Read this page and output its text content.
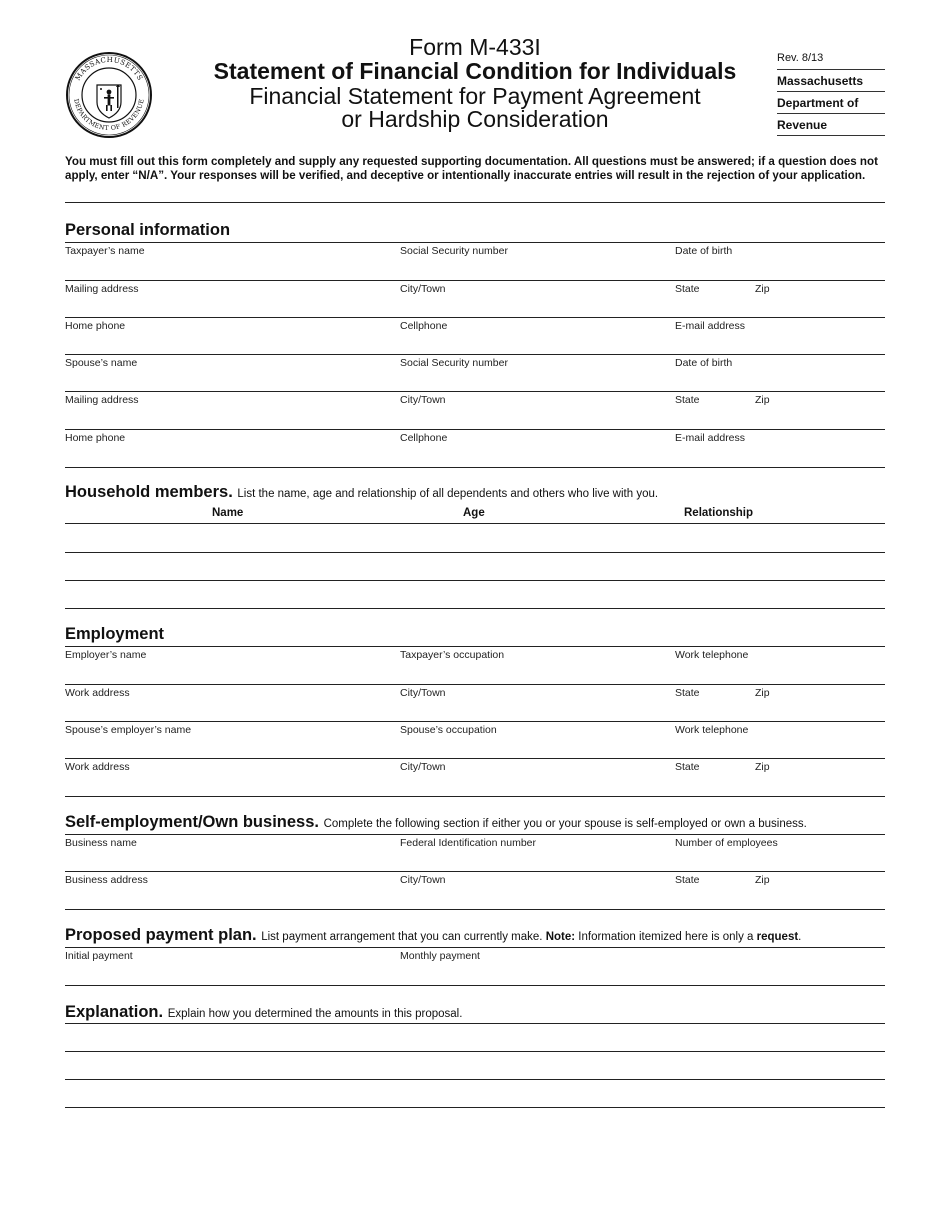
MASSACHUSETTS
DEPARTMENT OF REVENUE
Form M-433I
Statement of Financial Condition for Individuals
Financial Statement for Payment Agreement
or Hardship Consideration
Rev. 8/13
Massachusetts
Department of
Revenue
You must fill out this form completely and supply any requested supporting documentation. All questions must be answered; if a question does not apply, enter “N/A”. Your responses will be verified, and deceptive or intentionally inaccurate entries will result in the rejection of your application.
Personal information
Taxpayer’s name	Social Security number	Date of birth
Mailing address	City/Town	State	Zip
Home phone	Cellphone	E-mail address
Spouse’s name	Social Security number	Date of birth
Mailing address	City/Town	State	Zip
Home phone	Cellphone	E-mail address
Household members. List the name, age and relationship of all dependents and others who live with you.
Name	Age	Relationship
Employment
Employer’s name	Taxpayer’s occupation	Work telephone
Work address	City/Town	State	Zip
Spouse’s employer’s name	Spouse’s occupation	Work telephone
Work address	City/Town	State	Zip
Self-employment/Own business. Complete the following section if either you or your spouse is self-employed or own a business.
Business name	Federal Identification number	Number of employees
Business address	City/Town	State	Zip
Proposed payment plan. List payment arrangement that you can currently make. Note: Information itemized here is only a request.
Initial payment	Monthly payment
Explanation. Explain how you determined the amounts in this proposal.
